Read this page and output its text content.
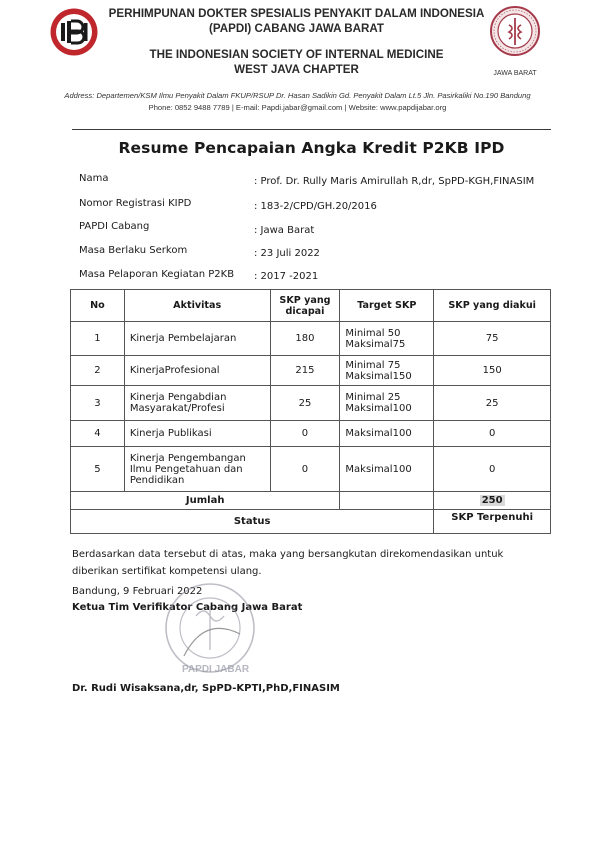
PERHIMPUNAN DOKTER SPESIALIS PENYAKIT DALAM INDONESIA
(PAPDI) CABANG JAWA BARAT
THE INDONESIAN SOCIETY OF INTERNAL MEDICINE
WEST JAVA CHAPTER	JAWA BARAT
Address: Departemen/KSM Ilmu Penyakit Dalam FKUP/RSUP Dr. Hasan Sadikin Gd. Penyakit Dalam Lt.5 Jln. Pasirkaliki No.190 Bandung
Phone: 0852 9488 7789 | E-mail: Papdi.jabar@gmail.com | Website: www.papdijabar.org
Resume Pencapaian Angka Kredit P2KB IPD
Nama	: Prof. Dr. Rully Maris Amirullah R,dr, SpPD-KGH,FINASIM
Nomor Registrasi KIPD	: 183-2/CPD/GH.20/2016
PAPDI Cabang	: Jawa Barat
Masa Berlaku Serkom	: 23 Juli 2022
Masa Pelaporan Kegiatan P2KB : 2017 -2021
No	Aktivitas	SKP yang dicapai	Target SKP	SKP yang diakui
1	Kinerja Pembelajaran	180	Minimal 50 Maksimal75	75
2	KinerjaProfesional	215	Minimal 75 Maksimal150	150
3	Kinerja Pengabdian Masyarakat/Profesi	25	Minimal 25 Maksimal100	25
4	Kinerja Publikasi	0	Maksimal100	0
5	Kinerja Pengembangan Ilmu Pengetahuan dan Pendidikan	0	Maksimal100	0
Jumlah				250
Status				SKP Terpenuhi
Berdasarkan data tersebut di atas, maka yang bersangkutan direkomendasikan untuk diberikan sertifikat kompetensi ulang.
Bandung, 9 Februari 2022
Ketua Tim Verifikator Cabang Jawa Barat
PAPDI JABAR
Dr. Rudi Wisaksana,dr, SpPD-KPTI,PhD,FINASIM
